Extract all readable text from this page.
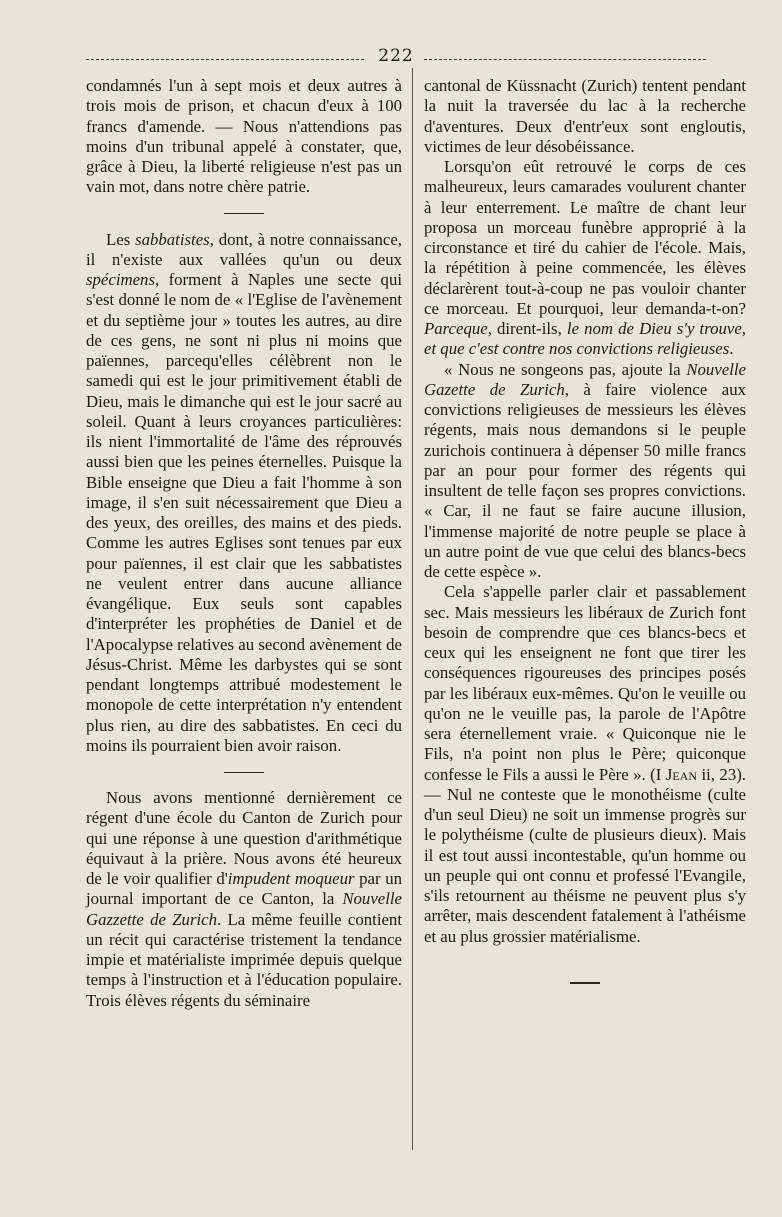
222

condamnés l'un à sept mois et deux autres à trois mois de prison, et chacun d'eux à 100 francs d'amende. — Nous n'attendions pas moins d'un tribunal appelé à constater, que, grâce à Dieu, la liberté religieuse n'est pas un vain mot, dans notre chère patrie.

Les sabbatistes, dont, à notre connaissance, il n'existe aux vallées qu'un ou deux spécimens, forment à Naples une secte qui s'est donné le nom de « l'Eglise de l'avènement et du septième jour » toutes les autres, au dire de ces gens, ne sont ni plus ni moins que païennes, parcequ'elles célèbrent non le samedi qui est le jour primitivement établi de Dieu, mais le dimanche qui est le jour sacré au soleil. Quant à leurs croyances particulières: ils nient l'immortalité de l'âme des réprouvés aussi bien que les peines éternelles. Puisque la Bible enseigne que Dieu a fait l'homme à son image, il s'en suit nécessairement que Dieu a des yeux, des oreilles, des mains et des pieds. Comme les autres Eglises sont tenues par eux pour païennes, il est clair que les sabbatistes ne veulent entrer dans aucune alliance évangélique. Eux seuls sont capables d'interpréter les prophéties de Daniel et de l'Apocalypse relatives au second avènement de Jésus-Christ. Même les darbystes qui se sont pendant longtemps attribué modestement le monopole de cette interprétation n'y entendent plus rien, au dire des sabbatistes. En ceci du moins ils pourraient bien avoir raison.

Nous avons mentionné dernièrement ce régent d'une école du Canton de Zurich pour qui une réponse à une question d'arithmétique équivaut à la prière. Nous avons été heureux de le voir qualifier d'impudent moqueur par un journal important de ce Canton, la Nouvelle Gazzette de Zurich. La même feuille contient un récit qui caractérise tristement la tendance impie et matérialiste imprimée depuis quelque temps à l'instruction et à l'éducation populaire. Trois élèves régents du séminaire

cantonal de Küssnacht (Zurich) tentent pendant la nuit la traversée du lac à la recherche d'aventures. Deux d'entr'eux sont engloutis, victimes de leur désobéissance.

Lorsqu'on eût retrouvé le corps de ces malheureux, leurs camarades voulurent chanter à leur enterrement. Le maître de chant leur proposa un morceau funèbre approprié à la circonstance et tiré du cahier de l'école. Mais, la répétition à peine commencée, les élèves déclarèrent tout-à-coup ne pas vouloir chanter ce morceau. Et pourquoi, leur demanda-t-on? Parceque, dirent-ils, le nom de Dieu s'y trouve, et que c'est contre nos convictions religieuses.

« Nous ne songeons pas, ajoute la Nouvelle Gazette de Zurich, à faire violence aux convictions religieuses de messieurs les élèves régents, mais nous demandons si le peuple zurichois continuera à dépenser 50 mille francs par an pour pour former des régents qui insultent de telle façon ses propres convictions. « Car, il ne faut se faire aucune illusion, l'immense majorité de notre peuple se place à un autre point de vue que celui des blancs-becs de cette espèce ».

Cela s'appelle parler clair et passablement sec. Mais messieurs les libéraux de Zurich font besoin de comprendre que ces blancs-becs et ceux qui les enseignent ne font que tirer les conséquences rigoureuses des principes posés par les libéraux eux-mêmes. Qu'on le veuille ou qu'on ne le veuille pas, la parole de l'Apôtre sera éternellement vraie. « Quiconque nie le Fils, n'a point non plus le Père; quiconque confesse le Fils a aussi le Père ». (I Jean ii, 23). — Nul ne conteste que le monothéisme (culte d'un seul Dieu) ne soit un immense progrès sur le polythéisme (culte de plusieurs dieux). Mais il est tout aussi incontestable, qu'un homme ou un peuple qui ont connu et professé l'Evangile, s'ils retournent au théisme ne peuvent plus s'y arrêter, mais descendent fatalement à l'athéisme et au plus grossier matérialisme.
